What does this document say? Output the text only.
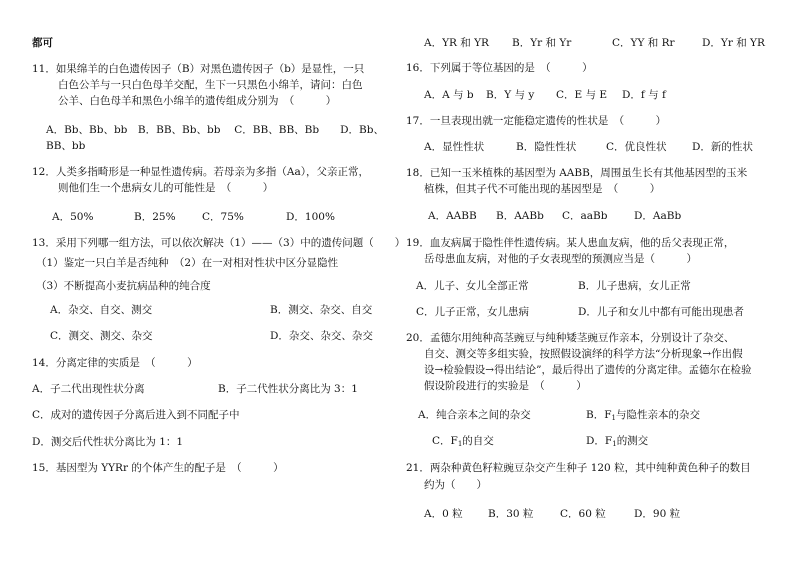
都可
11．如果绵羊的白色遗传因子（B）对黑色遗传因子（b）是显性，一只
白色公羊与一只白色母羊交配，生下一只黑色小绵羊，请问：白色
公羊、白色母羊和黑色小绵羊的遗传组成分别为　（　　　）
A．Bb、Bb、bb　B．BB、Bb、bb　 C．BB、BB、Bb　　D．Bb、
BB、bb
12．人类多指畸形是一种显性遗传病。若母亲为多指（Aa），父亲正常，
则他们生一个患病女儿的可能性是　（　　　）
A．50%	B．25%	C．75%	D．100%
13．采用下列哪一组方法，可以依次解决（1）——（3）中的遗传问题（　　）
（1）鉴定一只白羊是否纯种　（2）在一对相对性状中区分显隐性
（3）不断提高小麦抗病品种的纯合度
A．杂交、自交、测交	B．测交、杂交、自交
C．测交、测交、杂交	D．杂交、杂交、杂交
14．分离定律的实质是　（　　　）
A．子二代出现性状分离	B．子二代性状分离比为 3：1
C．成对的遗传因子分离后进入到不同配子中
D．测交后代性状分离比为 1：1
15．基因型为 YYRr 的个体产生的配子是　（　　　）
A．YR 和 YR B．Yr 和 Yr	C．YY 和 Rr	D．Yr 和 YR
16．下列属于等位基因的是　（　　　）
A．A 与 b B．Y 与 y C．E 与 E D．f 与 f
17．一旦表现出就一定能稳定遗传的性状是　（　　　）
A．显性性状	B．隐性性状	C．优良性状 D．新的性状
18．已知一玉米植株的基因型为 AABB，周围虽生长有其他基因型的玉米
植株，但其子代不可能出现的基因型是　（　　　）
A．AABB B．AABb C．aaBb	D．AaBb
19．血友病属于隐性伴性遗传病。某人患血友病，他的岳父表现正常，
岳母患血友病，对他的子女表现型的预测应当是（　　　）
A．儿子、女儿全部正常	B．儿子患病，女儿正常
C．儿子正常，女儿患病	D．儿子和女儿中都有可能出现患者
20．孟德尔用纯种高茎豌豆与纯种矮茎豌豆作亲本，分别设计了杂交、
自交、测交等多组实验，按照假设演绎的科学方法“分析现象→作出假
设→检验假设→得出结论”，最后得出了遗传的分离定律。孟德尔在检验
假设阶段进行的实验是　（　　　）
A．纯合亲本之间的杂交	B．$F_1$与隐性亲本的杂交
C．$F_1$的自交	D．$F_1$的测交
21．两杂种黄色籽粒豌豆杂交产生种子 120 粒，其中纯种黄色种子的数目
约为（　　）
A．0 粒 B．30 粒	C．60 粒	D．90 粒
